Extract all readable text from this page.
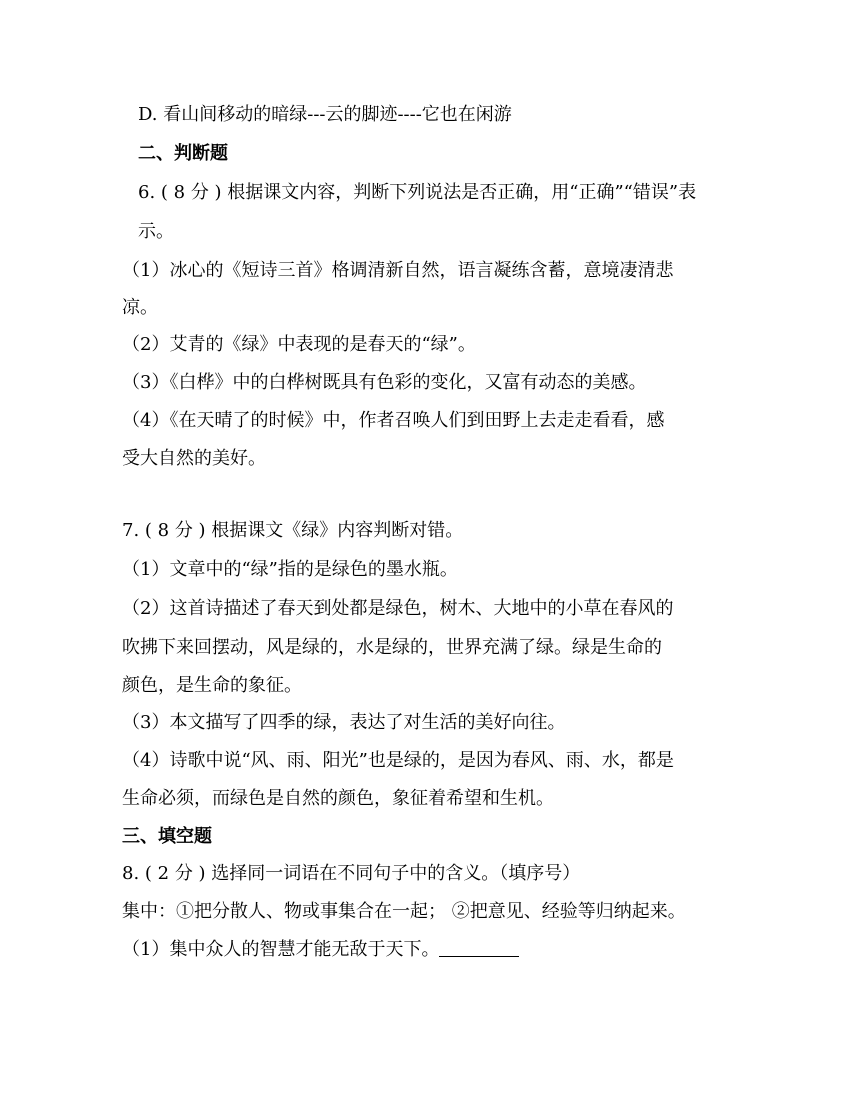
D. 看山间移动的暗绿---云的脚迹----它也在闲游
二、判断题
6. ( 8 分 ) 根据课文内容，判断下列说法是否正确，用“正确”“错误”表
示。
（1）冰心的《短诗三首》格调清新自然，语言凝练含蓄，意境凄清悲
凉。
（2）艾青的《绿》中表现的是春天的“绿”。
（3）《白桦》中的白桦树既具有色彩的变化，又富有动态的美感。
（4）《在天晴了的时候》中，作者召唤人们到田野上去走走看看，感
受大自然的美好。
7. ( 8 分 ) 根据课文《绿》内容判断对错。
（1）文章中的“绿”指的是绿色的墨水瓶。
（2）这首诗描述了春天到处都是绿色，树木、大地中的小草在春风的
吹拂下来回摆动，风是绿的，水是绿的，世界充满了绿。绿是生命的
颜色，是生命的象征。
（3）本文描写了四季的绿，表达了对生活的美好向往。
（4）诗歌中说“风、雨、阳光”也是绿的，是因为春风、雨、水，都是
生命必须，而绿色是自然的颜色，象征着希望和生机。
三、填空题
8. ( 2 分 ) 选择同一词语在不同句子中的含义。（填序号）
集中：①把分散人、物或事集合在一起； ②把意见、经验等归纳起来。
（1）集中众人的智慧才能无敌于天下。
